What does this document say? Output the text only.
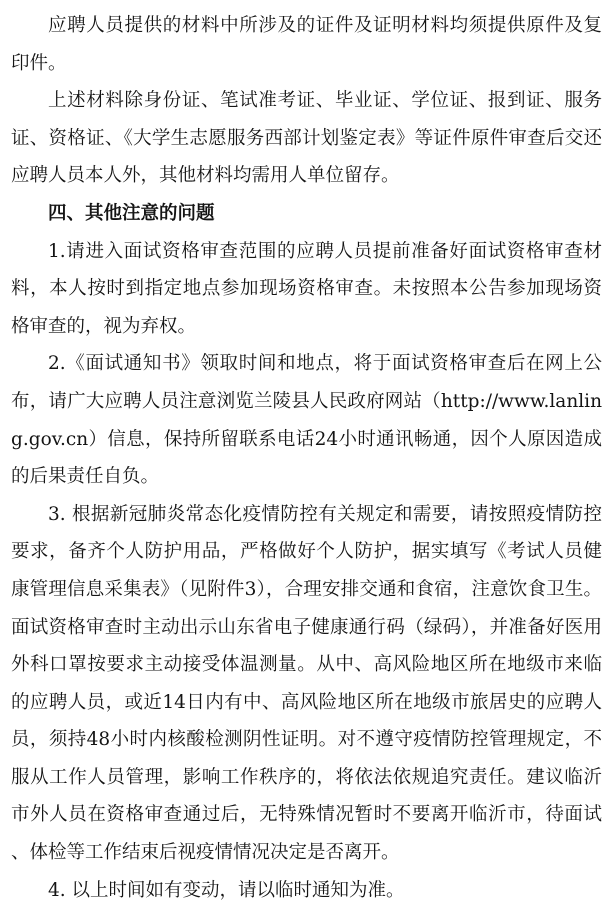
应聘人员提供的材料中所涉及的证件及证明材料均须提供原件及复印件。

上述材料除身份证、笔试准考证、毕业证、学位证、报到证、服务证、资格证、《大学生志愿服务西部计划鉴定表》等证件原件审查后交还应聘人员本人外，其他材料均需用人单位留存。

四、其他注意的问题

1.请进入面试资格审查范围的应聘人员提前准备好面试资格审查材料，本人按时到指定地点参加现场资格审查。未按照本公告参加现场资格审查的，视为弃权。

2.《面试通知书》领取时间和地点，将于面试资格审查后在网上公布，请广大应聘人员注意浏览兰陵县人民政府网站（http://www.lanling.gov.cn）信息，保持所留联系电话24小时通讯畅通，因个人原因造成的后果责任自负。

3. 根据新冠肺炎常态化疫情防控有关规定和需要，请按照疫情防控要求，备齐个人防护用品，严格做好个人防护，据实填写《考试人员健康管理信息采集表》（见附件3），合理安排交通和食宿，注意饮食卫生。面试资格审查时主动出示山东省电子健康通行码（绿码），并准备好医用外科口罩按要求主动接受体温测量。从中、高风险地区所在地级市来临的应聘人员，或近14日内有中、高风险地区所在地级市旅居史的应聘人员，须持48小时内核酸检测阴性证明。对不遵守疫情防控管理规定，不服从工作人员管理，影响工作秩序的，将依法依规追究责任。建议临沂市外人员在资格审查通过后，无特殊情况暂时不要离开临沂市，待面试、体检等工作结束后视疫情情况决定是否离开。

4. 以上时间如有变动，请以临时通知为准。
